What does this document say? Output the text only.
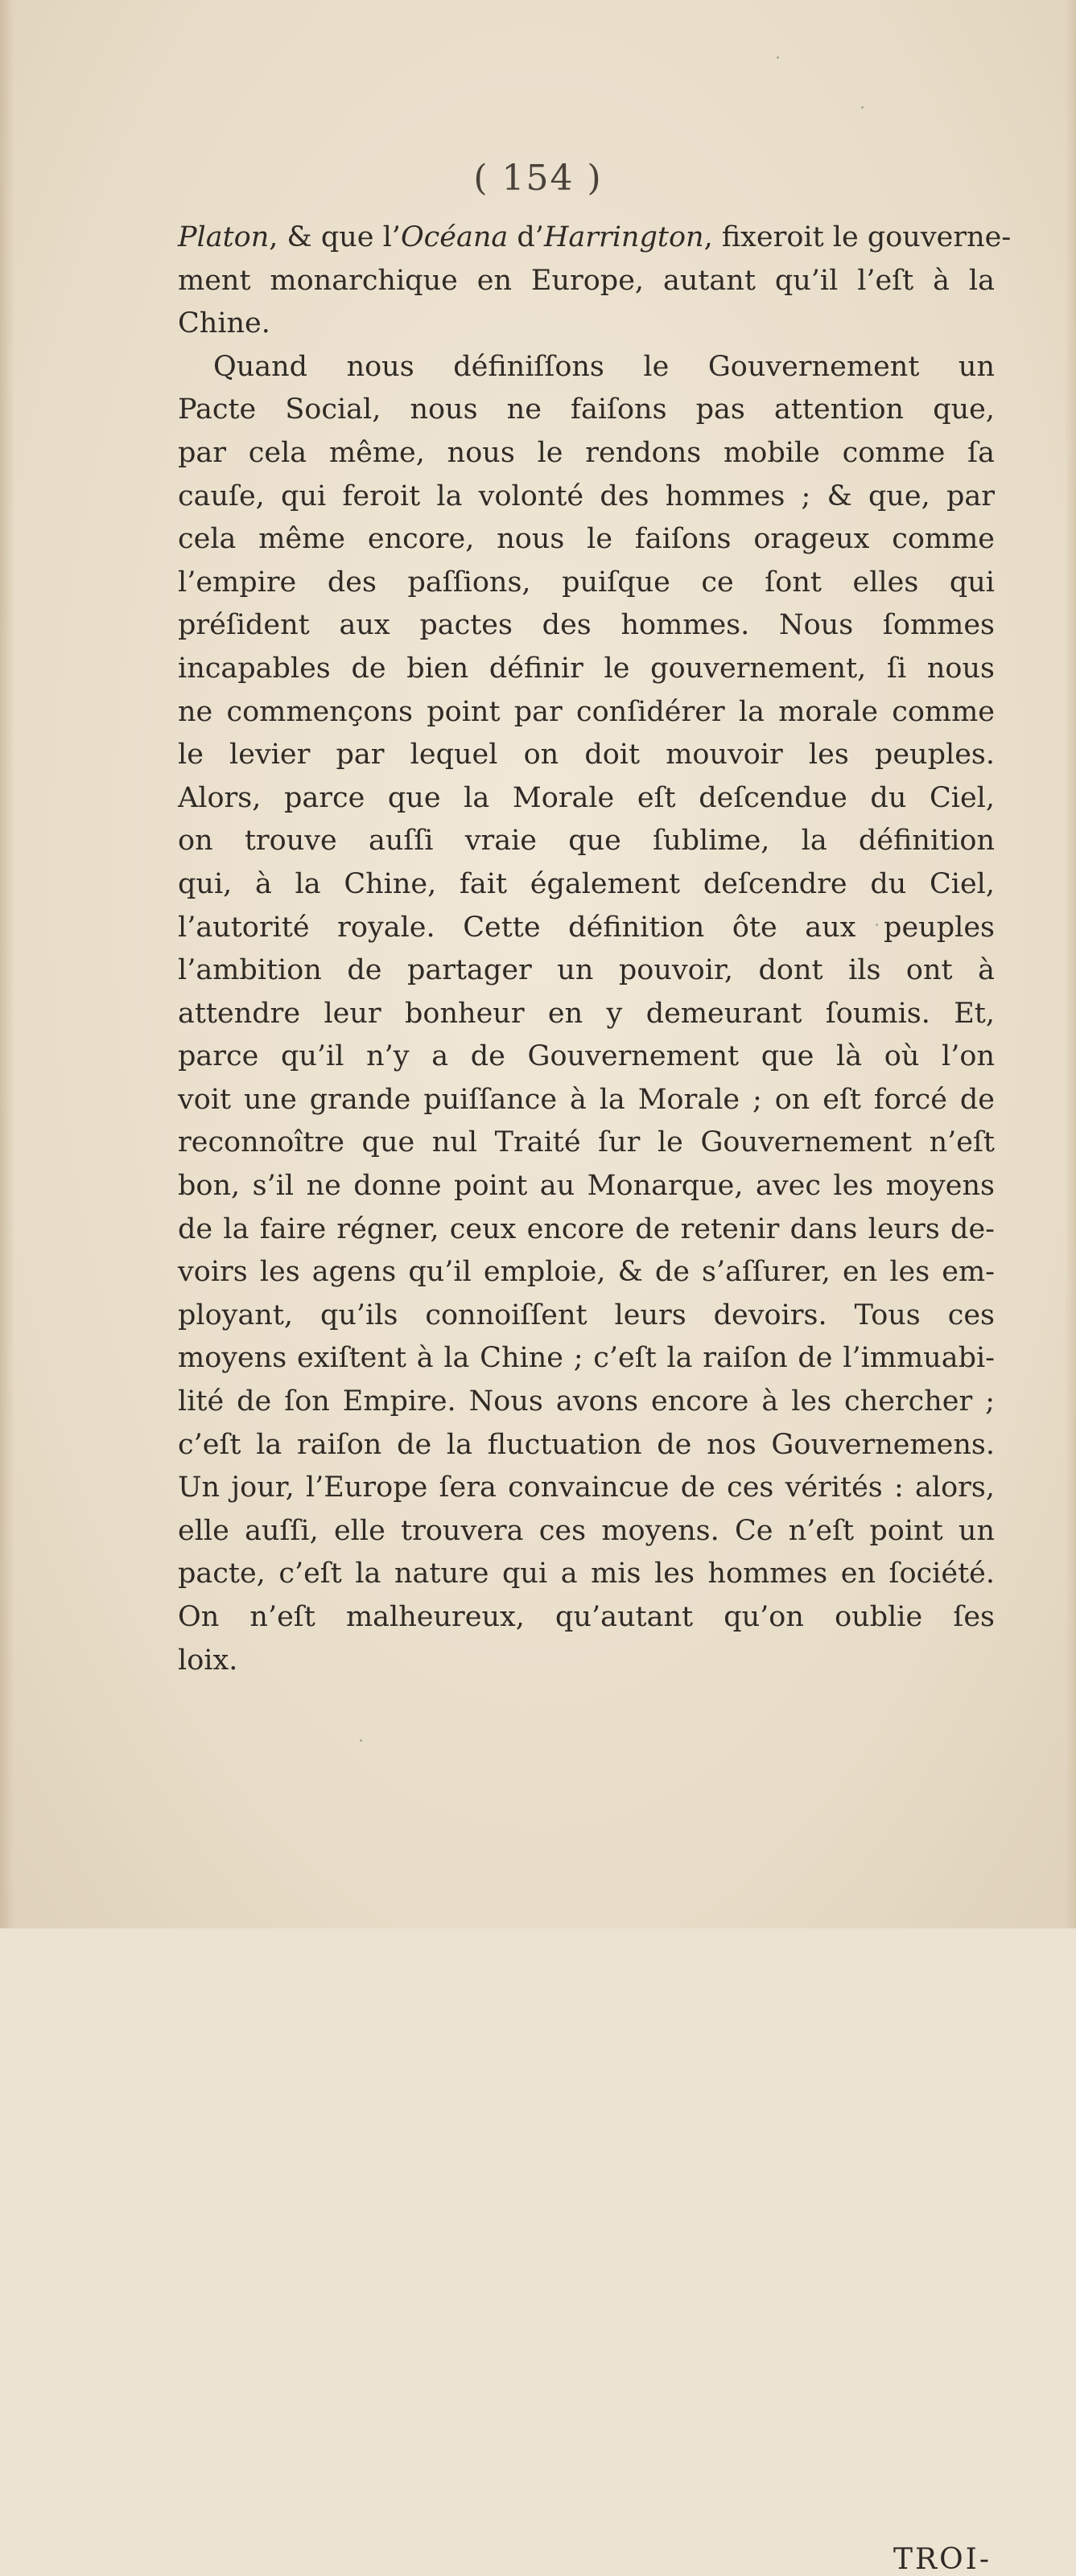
( 154 )
Platon, & que l’Océana d’Harrington, fixeroit le gouverne-
ment monarchique en Europe, autant qu’il l’eſt à la
Chine.
Quand nous définiſſons le Gouvernement un
Pacte Social, nous ne faiſons pas attention que,
par cela même, nous le rendons mobile comme ſa
cauſe, qui feroit la volonté des hommes ; & que, par
cela même encore, nous le faiſons orageux comme
l’empire des paſſions, puiſque ce ſont elles qui
préſident aux pactes des hommes. Nous ſommes
incapables de bien définir le gouvernement, ſi nous
ne commençons point par conſidérer la morale comme
le levier par lequel on doit mouvoir les peuples.
Alors, parce que la Morale eſt deſcendue du Ciel,
on trouve auſſi vraie que ſublime, la définition
qui, à la Chine, fait également deſcendre du Ciel,
l’autorité royale. Cette définition ôte aux peuples
l’ambition de partager un pouvoir, dont ils ont à
attendre leur bonheur en y demeurant ſoumis. Et,
parce qu’il n’y a de Gouvernement que là où l’on
voit une grande puiſſance à la Morale ; on eſt forcé de
reconnoître que nul Traité ſur le Gouvernement n’eſt
bon, s’il ne donne point au Monarque, avec les moyens
de la faire régner, ceux encore de retenir dans leurs de-
voirs les agens qu’il emploie, & de s’aſſurer, en les em-
ployant, qu’ils connoiſſent leurs devoirs. Tous ces
moyens exiſtent à la Chine ; c’eſt la raiſon de l’immuabi-
lité de ſon Empire. Nous avons encore à les chercher ;
c’eſt la raiſon de la fluctuation de nos Gouvernemens.
Un jour, l’Europe ſera convaincue de ces vérités : alors,
elle auſſi, elle trouvera ces moyens. Ce n’eſt point un
pacte, c’eſt la nature qui a mis les hommes en ſociété.
On n’eſt malheureux, qu’autant qu’on oublie ſes
loix.
TROI-
